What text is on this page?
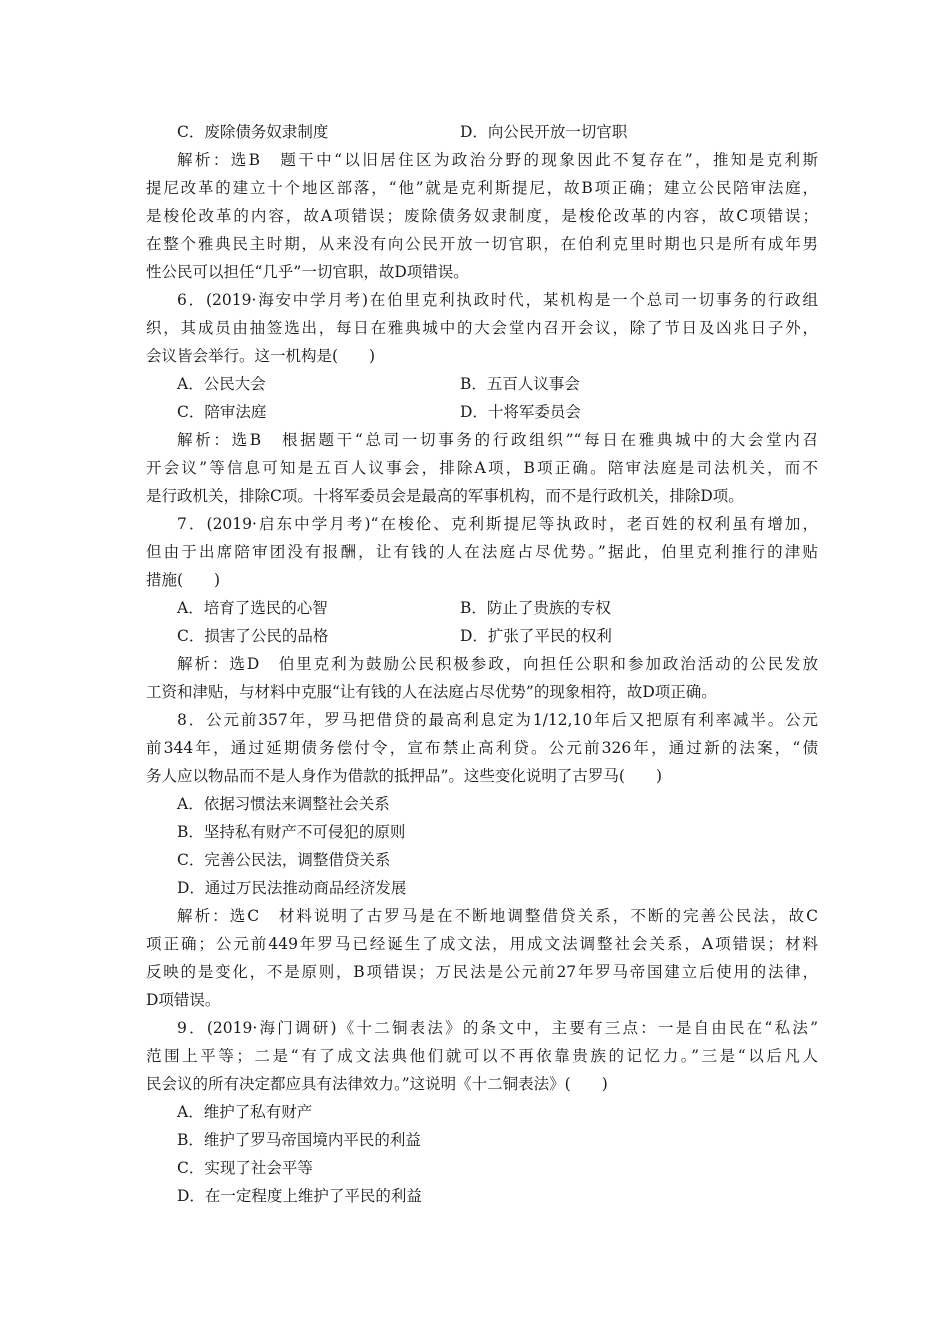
C．废除债务奴隶制度	D．向公民开放一切官职
解析：选B　题干中“以旧居住区为政治分野的现象因此不复存在”，推知是克利斯
提尼改革的建立十个地区部落，“他”就是克利斯提尼，故B项正确；建立公民陪审法庭，
是梭伦改革的内容，故A项错误；废除债务奴隶制度，是梭伦改革的内容，故C项错误；
在整个雅典民主时期，从来没有向公民开放一切官职，在伯利克里时期也只是所有成年男
性公民可以担任“几乎”一切官职，故D项错误。
6．(2019·海安中学月考)在伯里克利执政时代，某机构是一个总司一切事务的行政组
织，其成员由抽签选出，每日在雅典城中的大会堂内召开会议，除了节日及凶兆日子外，
会议皆会举行。这一机构是(　　)
A．公民大会	B．五百人议事会
C．陪审法庭	D．十将军委员会
解析：选B　根据题干“总司一切事务的行政组织”“每日在雅典城中的大会堂内召
开会议”等信息可知是五百人议事会，排除A项，B项正确。陪审法庭是司法机关，而不
是行政机关，排除C项。十将军委员会是最高的军事机构，而不是行政机关，排除D项。
7．(2019·启东中学月考)“在梭伦、克利斯提尼等执政时，老百姓的权利虽有增加，
但由于出席陪审团没有报酬，让有钱的人在法庭占尽优势。”据此，伯里克利推行的津贴
措施(　　)
A．培育了选民的心智	B．防止了贵族的专权
C．损害了公民的品格	D．扩张了平民的权利
解析：选D　伯里克利为鼓励公民积极参政，向担任公职和参加政治活动的公民发放
工资和津贴，与材料中克服“让有钱的人在法庭占尽优势”的现象相符，故D项正确。
8．公元前357年，罗马把借贷的最高利息定为1/12,10年后又把原有利率减半。公元
前344年，通过延期债务偿付令，宣布禁止高利贷。公元前326年，通过新的法案，“债
务人应以物品而不是人身作为借款的抵押品”。这些变化说明了古罗马(　　)
A．依据习惯法来调整社会关系
B．坚持私有财产不可侵犯的原则
C．完善公民法，调整借贷关系
D．通过万民法推动商品经济发展
解析：选C　材料说明了古罗马是在不断地调整借贷关系，不断的完善公民法，故C
项正确；公元前449年罗马已经诞生了成文法，用成文法调整社会关系，A项错误；材料
反映的是变化，不是原则，B项错误；万民法是公元前27年罗马帝国建立后使用的法律，
D项错误。
9．(2019·海门调研)《十二铜表法》的条文中，主要有三点：一是自由民在“私法”
范围上平等；二是“有了成文法典他们就可以不再依靠贵族的记忆力。”三是“以后凡人
民会议的所有决定都应具有法律效力。”这说明《十二铜表法》(　　)
A．维护了私有财产
B．维护了罗马帝国境内平民的利益
C．实现了社会平等
D．在一定程度上维护了平民的利益
